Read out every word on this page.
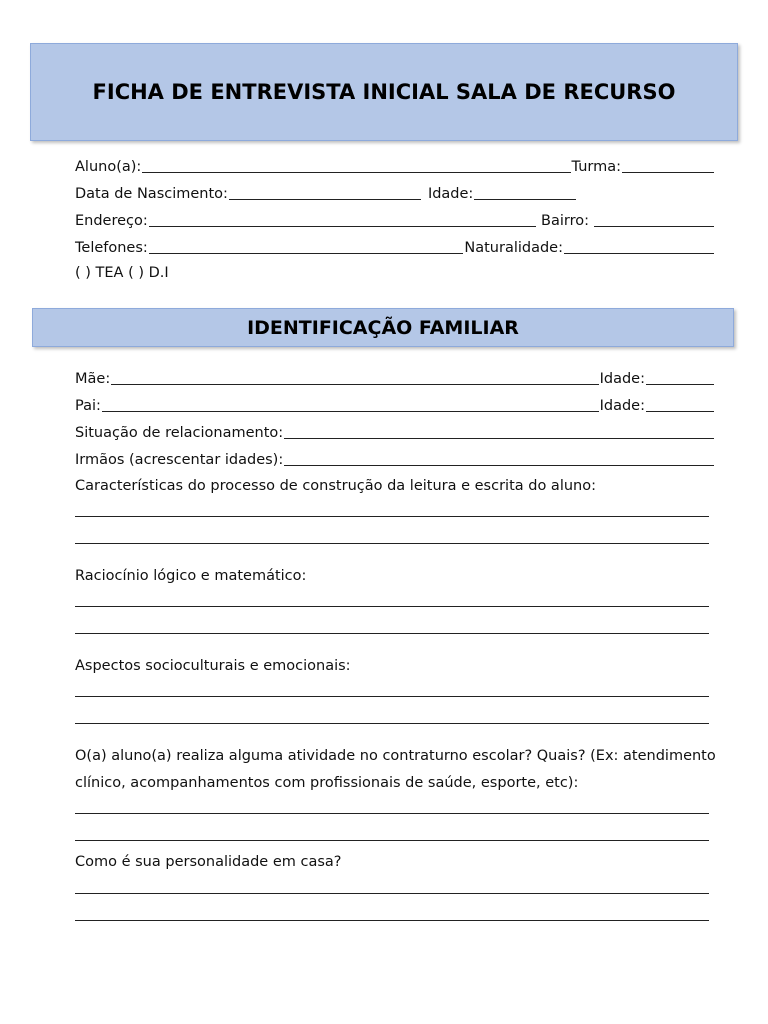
FICHA DE ENTREVISTA INICIAL SALA DE RECURSO
Aluno(a):	Turma:
Data de Nascimento:	Idade:
Endereço:	Bairro:
Telefones:	Naturalidade:
( ) TEA ( ) D.I
IDENTIFICAÇÃO FAMILIAR
Mãe:	Idade:
Pai:	Idade:
Situação de relacionamento:
Irmãos (acrescentar idades):
Características do processo de construção da leitura e escrita do aluno:
Raciocínio lógico e matemático:
Aspectos socioculturais e emocionais:
O(a) aluno(a) realiza alguma atividade no contraturno escolar? Quais? (Ex: atendimento
clínico, acompanhamentos com profissionais de saúde, esporte, etc):
Como é sua personalidade em casa?
